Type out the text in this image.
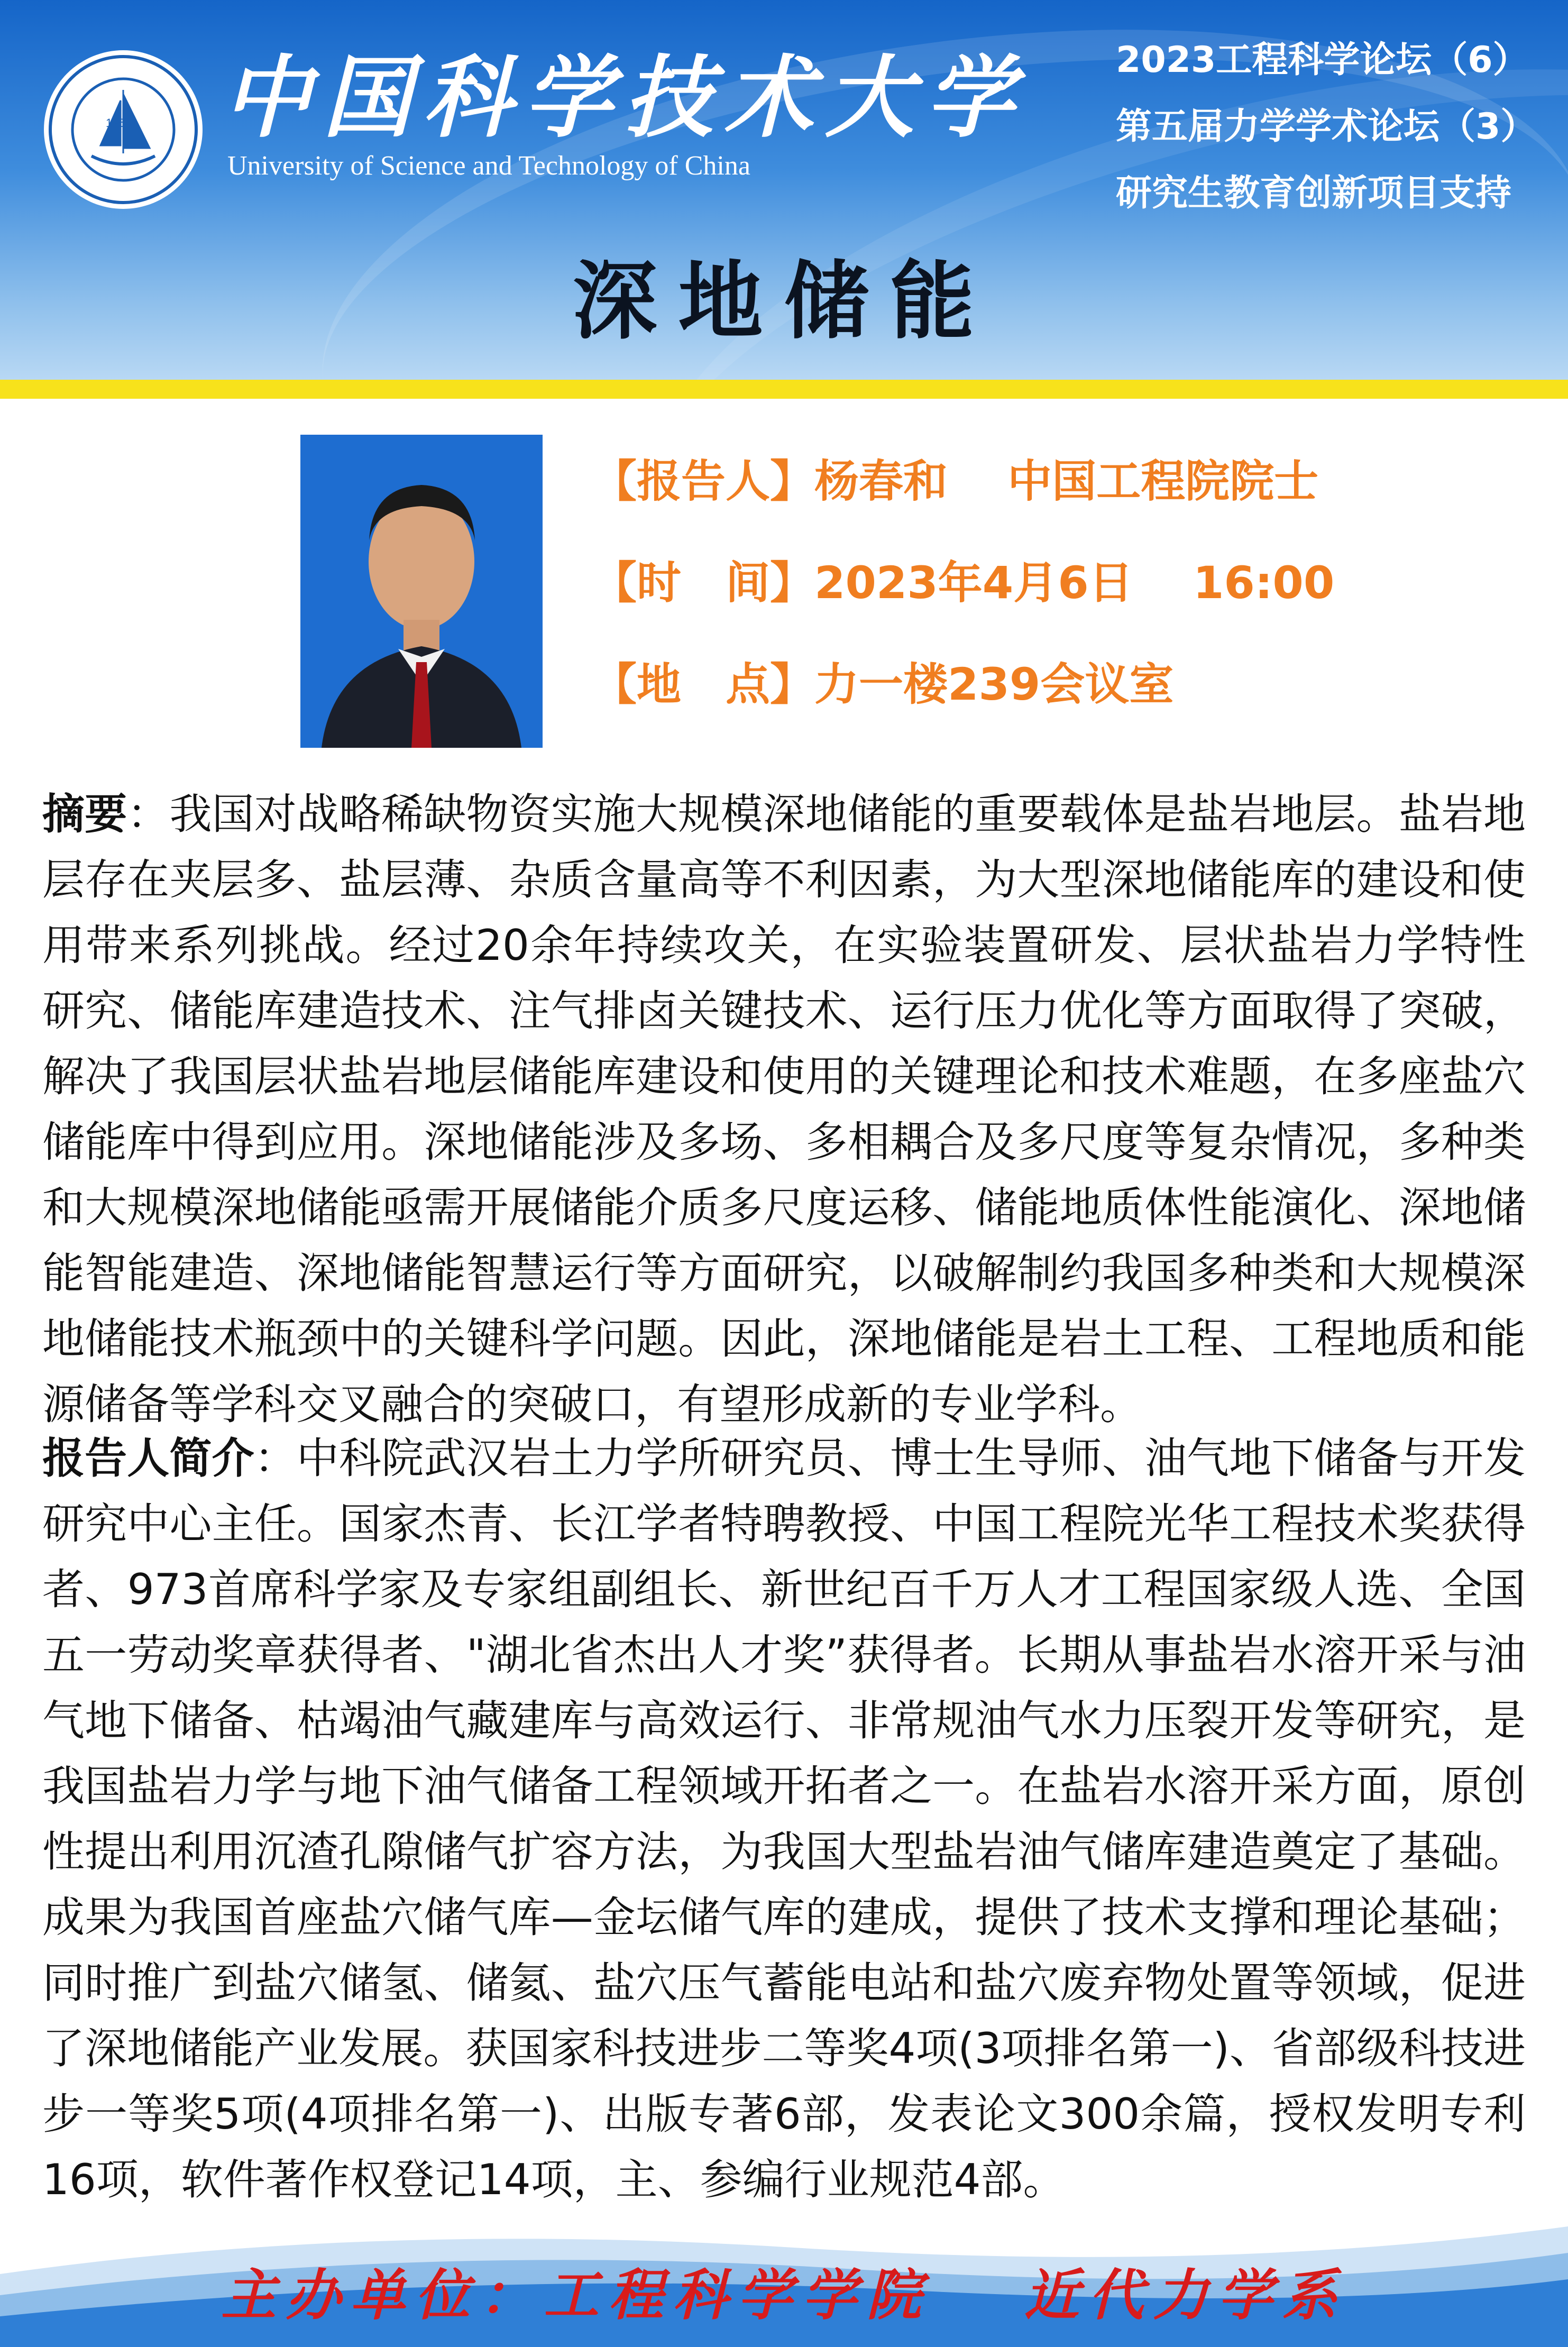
1958 中国科学技术大学
University of Science and Technology of China
2023工程科学论坛（6）
第五届力学学术论坛（3）
研究生教育创新项目支持
深地储能
【报告人】杨春和　 中国工程院院士
【时　间】2023年4月6日　 16:00
【地　点】力一楼239会议室
摘要：我国对战略稀缺物资实施大规模深地储能的重要载体是盐岩地层。盐岩地层存在夹层多、盐层薄、杂质含量高等不利因素，为大型深地储能库的建设和使用带来系列挑战。经过20余年持续攻关，在实验装置研发、层状盐岩力学特性研究、储能库建造技术、注气排卤关键技术、运行压力优化等方面取得了突破，解决了我国层状盐岩地层储能库建设和使用的关键理论和技术难题，在多座盐穴储能库中得到应用。深地储能涉及多场、多相耦合及多尺度等复杂情况，多种类和大规模深地储能亟需开展储能介质多尺度运移、储能地质体性能演化、深地储能智能建造、深地储能智慧运行等方面研究，以破解制约我国多种类和大规模深地储能技术瓶颈中的关键科学问题。因此，深地储能是岩土工程、工程地质和能源储备等学科交叉融合的突破口，有望形成新的专业学科。
报告人简介：中科院武汉岩土力学所研究员、博士生导师、油气地下储备与开发研究中心主任。国家杰青、长江学者特聘教授、中国工程院光华工程技术奖获得者、973首席科学家及专家组副组长、新世纪百千万人才工程国家级人选、全国五一劳动奖章获得者、"湖北省杰出人才奖”获得者。长期从事盐岩水溶开采与油气地下储备、枯竭油气藏建库与高效运行、非常规油气水力压裂开发等研究，是我国盐岩力学与地下油气储备工程领域开拓者之一。在盐岩水溶开采方面，原创性提出利用沉渣孔隙储气扩容方法，为我国大型盐岩油气储库建造奠定了基础。成果为我国首座盐穴储气库—金坛储气库的建成，提供了技术支撑和理论基础；同时推广到盐穴储氢、储氦、盐穴压气蓄能电站和盐穴废弃物处置等领域，促进了深地储能产业发展。获国家科技进步二等奖4项(3项排名第一)、省部级科技进步一等奖5项(4项排名第一)、出版专著6部，发表论文300余篇，授权发明专利16项，软件著作权登记14项，主、参编行业规范4部。
主办单位：工程科学学院　 近代力学系
